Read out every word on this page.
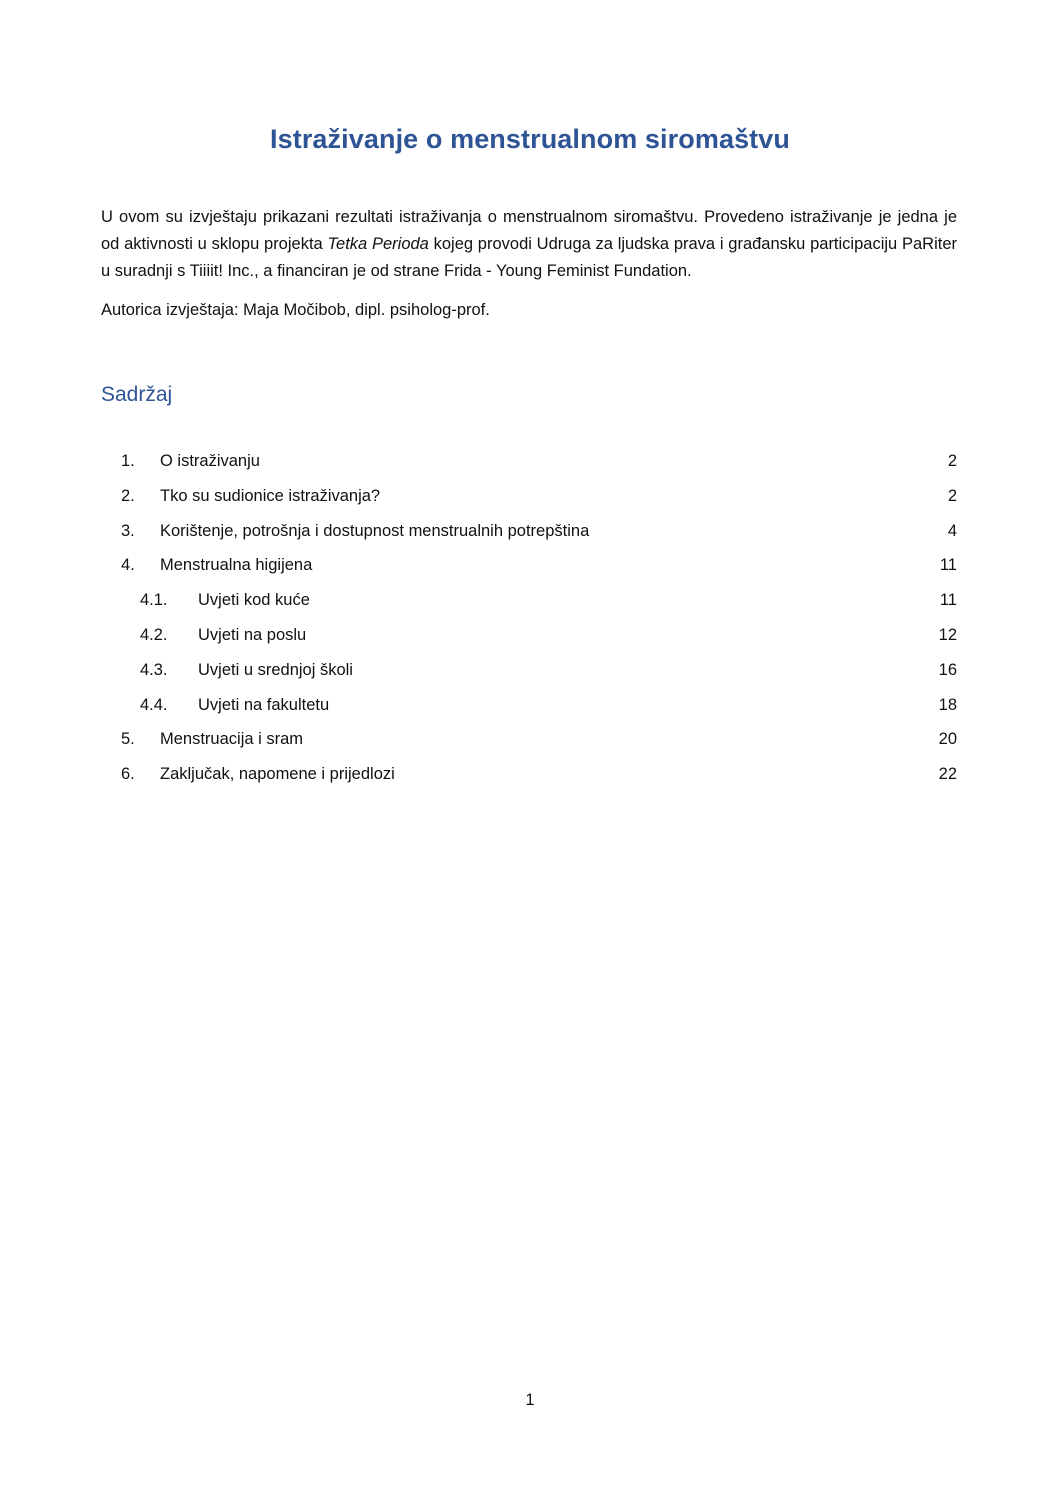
Istraživanje o menstrualnom siromaštvu

U ovom su izvještaju prikazani rezultati istraživanja o menstrualnom siromaštvu. Provedeno istraživanje je jedna je od aktivnosti u sklopu projekta Tetka Perioda kojeg provodi Udruga za ljudska prava i građansku participaciju PaRiter u suradnji s Tiiiit! Inc., a financiran je od strane Frida - Young Feminist Fundation.

Autorica izvještaja: Maja Močibob, dipl. psiholog-prof.

Sadržaj
1. O istraživanju	2
2. Tko su sudionice istraživanja?	2
3. Korištenje, potrošnja i dostupnost menstrualnih potrepština	4
4. Menstrualna higijena	11
4.1. Uvjeti kod kuće	11
4.2. Uvjeti na poslu	12
4.3. Uvjeti u srednjoj školi	16
4.4. Uvjeti na fakultetu	18
5. Menstruacija i sram	20
6. Zaključak, napomene i prijedlozi	22
1
